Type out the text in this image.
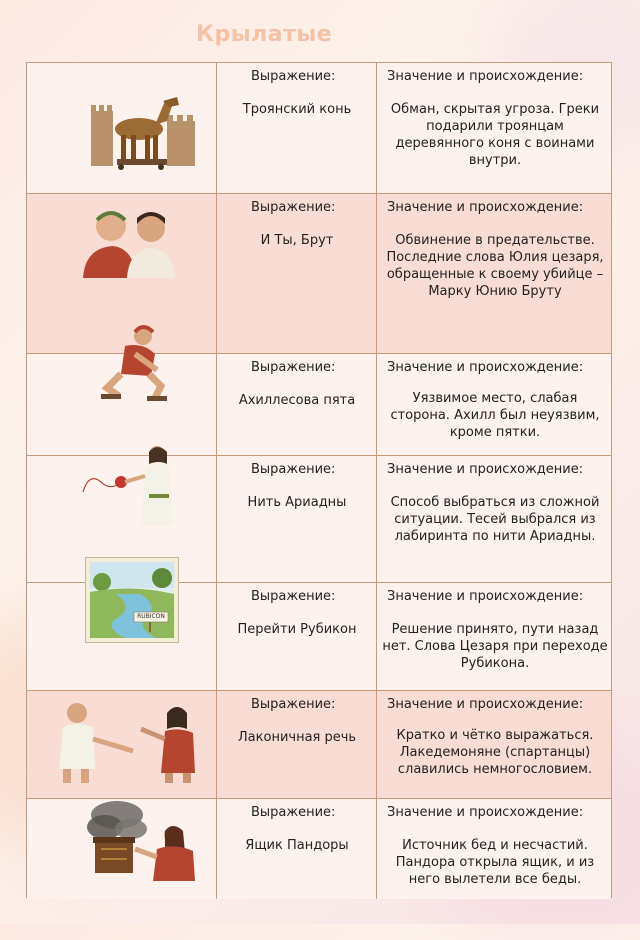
Крылатые
Выражение:
Троянский конь
Значение и происхождение:
Обман, скрытая угроза. Греки подарили троянцам деревянного коня с воинами внутри.
Выражение:
И Ты, Брут
Значение и происхождение:
Обвинение в предательстве. Последние слова Юлия цезаря, обращенные к своему убийце – Марку Юнию Бруту
Выражение:
Ахиллесова пята
Значение и происхождение:
Уязвимое место, слабая сторона. Ахилл был неуязвим, кроме пятки.
Выражение:
Нить Ариадны
Значение и происхождение:
Способ выбраться из сложной ситуации. Тесей выбрался из лабиринта по нити Ариадны.
RUBICON
Выражение:
Перейти Рубикон
Значение и происхождение:
Решение принято, пути назад нет. Слова Цезаря при переходе Рубикона.
Выражение:
Лаконичная речь
Значение и происхождение:
Кратко и чётко выражаться. Лакедемоняне (спартанцы) славились немногословием.
Выражение:
Ящик Пандоры
Значение и происхождение:
Источник бед и несчастий. Пандора открыла ящик, и из него вылетели все беды.
